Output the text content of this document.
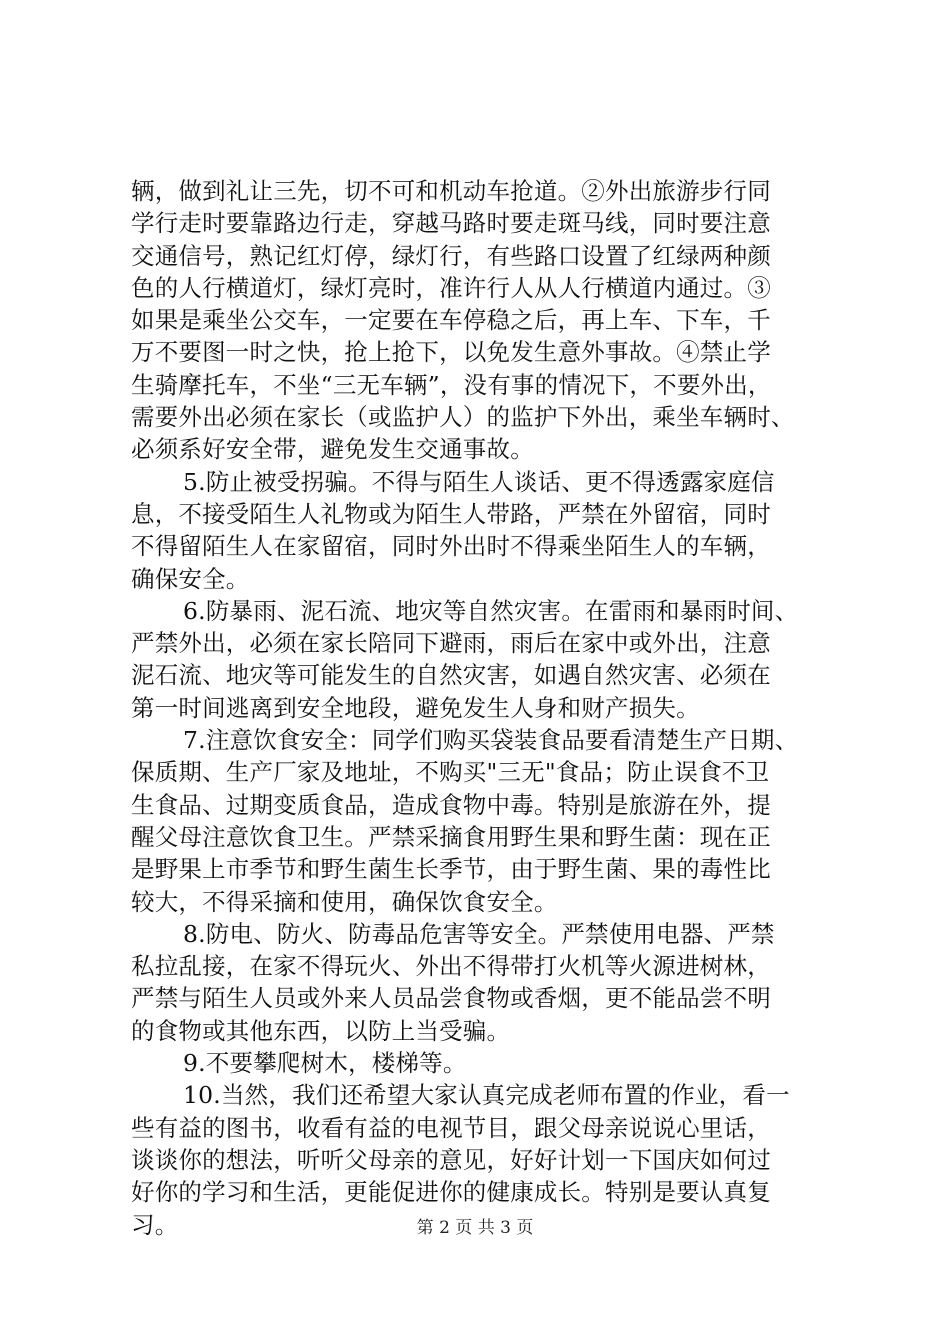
辆，做到礼让三先，切不可和机动车抢道。②外出旅游步行同
学行走时要靠路边行走，穿越马路时要走斑马线，同时要注意
交通信号，熟记红灯停，绿灯行，有些路口设置了红绿两种颜
色的人行横道灯，绿灯亮时，准许行人从人行横道内通过。③
如果是乘坐公交车，一定要在车停稳之后，再上车、下车，千
万不要图一时之快，抢上抢下，以免发生意外事故。④禁止学
生骑摩托车，不坐“三无车辆”，没有事的情况下，不要外出，
需要外出必须在家长（或监护人）的监护下外出，乘坐车辆时、
必须系好安全带，避免发生交通事故。
5.防止被受拐骗。不得与陌生人谈话、更不得透露家庭信
息，不接受陌生人礼物或为陌生人带路，严禁在外留宿，同时
不得留陌生人在家留宿，同时外出时不得乘坐陌生人的车辆，
确保安全。
6.防暴雨、泥石流、地灾等自然灾害。在雷雨和暴雨时间、
严禁外出，必须在家长陪同下避雨，雨后在家中或外出，注意
泥石流、地灾等可能发生的自然灾害，如遇自然灾害、必须在
第一时间逃离到安全地段，避免发生人身和财产损失。
7.注意饮食安全：同学们购买袋装食品要看清楚生产日期、
保质期、生产厂家及地址，不购买"三无"食品；防止误食不卫
生食品、过期变质食品，造成食物中毒。特别是旅游在外，提
醒父母注意饮食卫生。严禁采摘食用野生果和野生菌：现在正
是野果上市季节和野生菌生长季节，由于野生菌、果的毒性比
较大，不得采摘和使用，确保饮食安全。
8.防电、防火、防毒品危害等安全。严禁使用电器、严禁
私拉乱接，在家不得玩火、外出不得带打火机等火源进树林，
严禁与陌生人员或外来人员品尝食物或香烟，更不能品尝不明
的食物或其他东西，以防上当受骗。
9.不要攀爬树木，楼梯等。
10.当然，我们还希望大家认真完成老师布置的作业，看一
些有益的图书，收看有益的电视节目，跟父母亲说说心里话，
谈谈你的想法，听听父母亲的意见，好好计划一下国庆如何过
好你的学习和生活，更能促进你的健康成长。特别是要认真复
习。	第 2 页 共 3 页
